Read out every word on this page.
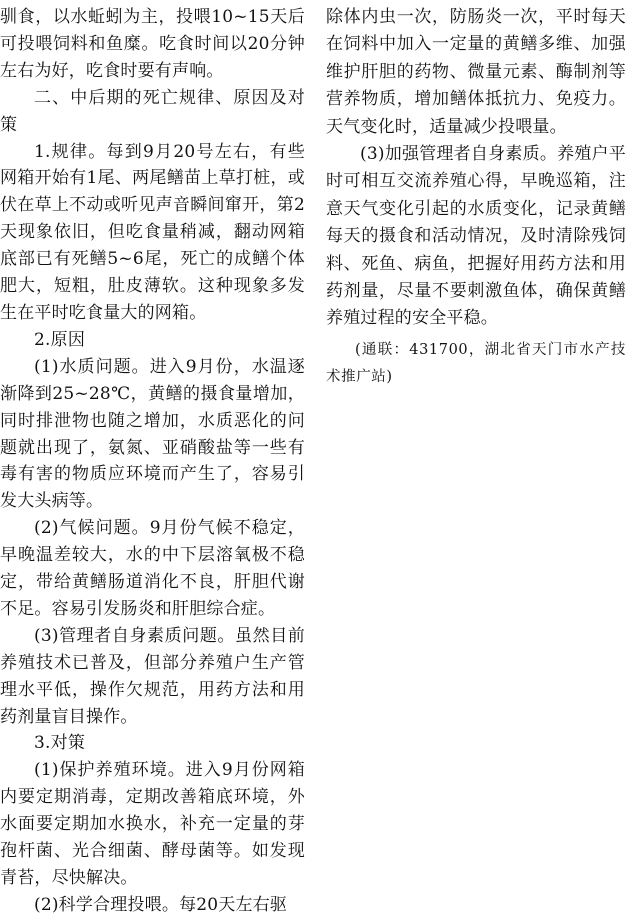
驯食，以水蚯蚓为主，投喂10~15天后可投喂饲料和鱼糜。吃食时间以20分钟左右为好，吃食时要有声响。

二、中后期的死亡规律、原因及对策

1.规律。每到9月20号左右，有些网箱开始有1尾、两尾鳝苗上草打桩，或伏在草上不动或听见声音瞬间窜开，第2天现象依旧，但吃食量稍减，翻动网箱底部已有死鳝5~6尾，死亡的成鳝个体肥大，短粗，肚皮薄软。这种现象多发生在平时吃食量大的网箱。

2.原因

(1)水质问题。进入9月份，水温逐渐降到25~28℃，黄鳝的摄食量增加，同时排泄物也随之增加，水质恶化的问题就出现了，氨氮、亚硝酸盐等一些有毒有害的物质应环境而产生了，容易引发大头病等。

(2)气候问题。9月份气候不稳定，早晚温差较大，水的中下层溶氧极不稳定，带给黄鳝肠道消化不良，肝胆代谢不足。容易引发肠炎和肝胆综合症。

(3)管理者自身素质问题。虽然目前养殖技术已普及，但部分养殖户生产管理水平低，操作欠规范，用药方法和用药剂量盲目操作。

3.对策

(1)保护养殖环境。进入9月份网箱内要定期消毒，定期改善箱底环境，外水面要定期加水换水，补充一定量的芽孢杆菌、光合细菌、酵母菌等。如发现青苔，尽快解决。

(2)科学合理投喂。每20天左右驱

除体内虫一次，防肠炎一次，平时每天在饲料中加入一定量的黄鳝多维、加强维护肝胆的药物、微量元素、酶制剂等营养物质，增加鳝体抵抗力、免疫力。天气变化时，适量减少投喂量。

(3)加强管理者自身素质。养殖户平时可相互交流养殖心得，早晚巡箱，注意天气变化引起的水质变化，记录黄鳝每天的摄食和活动情况，及时清除残饲料、死鱼、病鱼，把握好用药方法和用药剂量，尽量不要刺激鱼体，确保黄鳝养殖过程的安全平稳。

(通联：431700，湖北省天门市水产技术推广站)
